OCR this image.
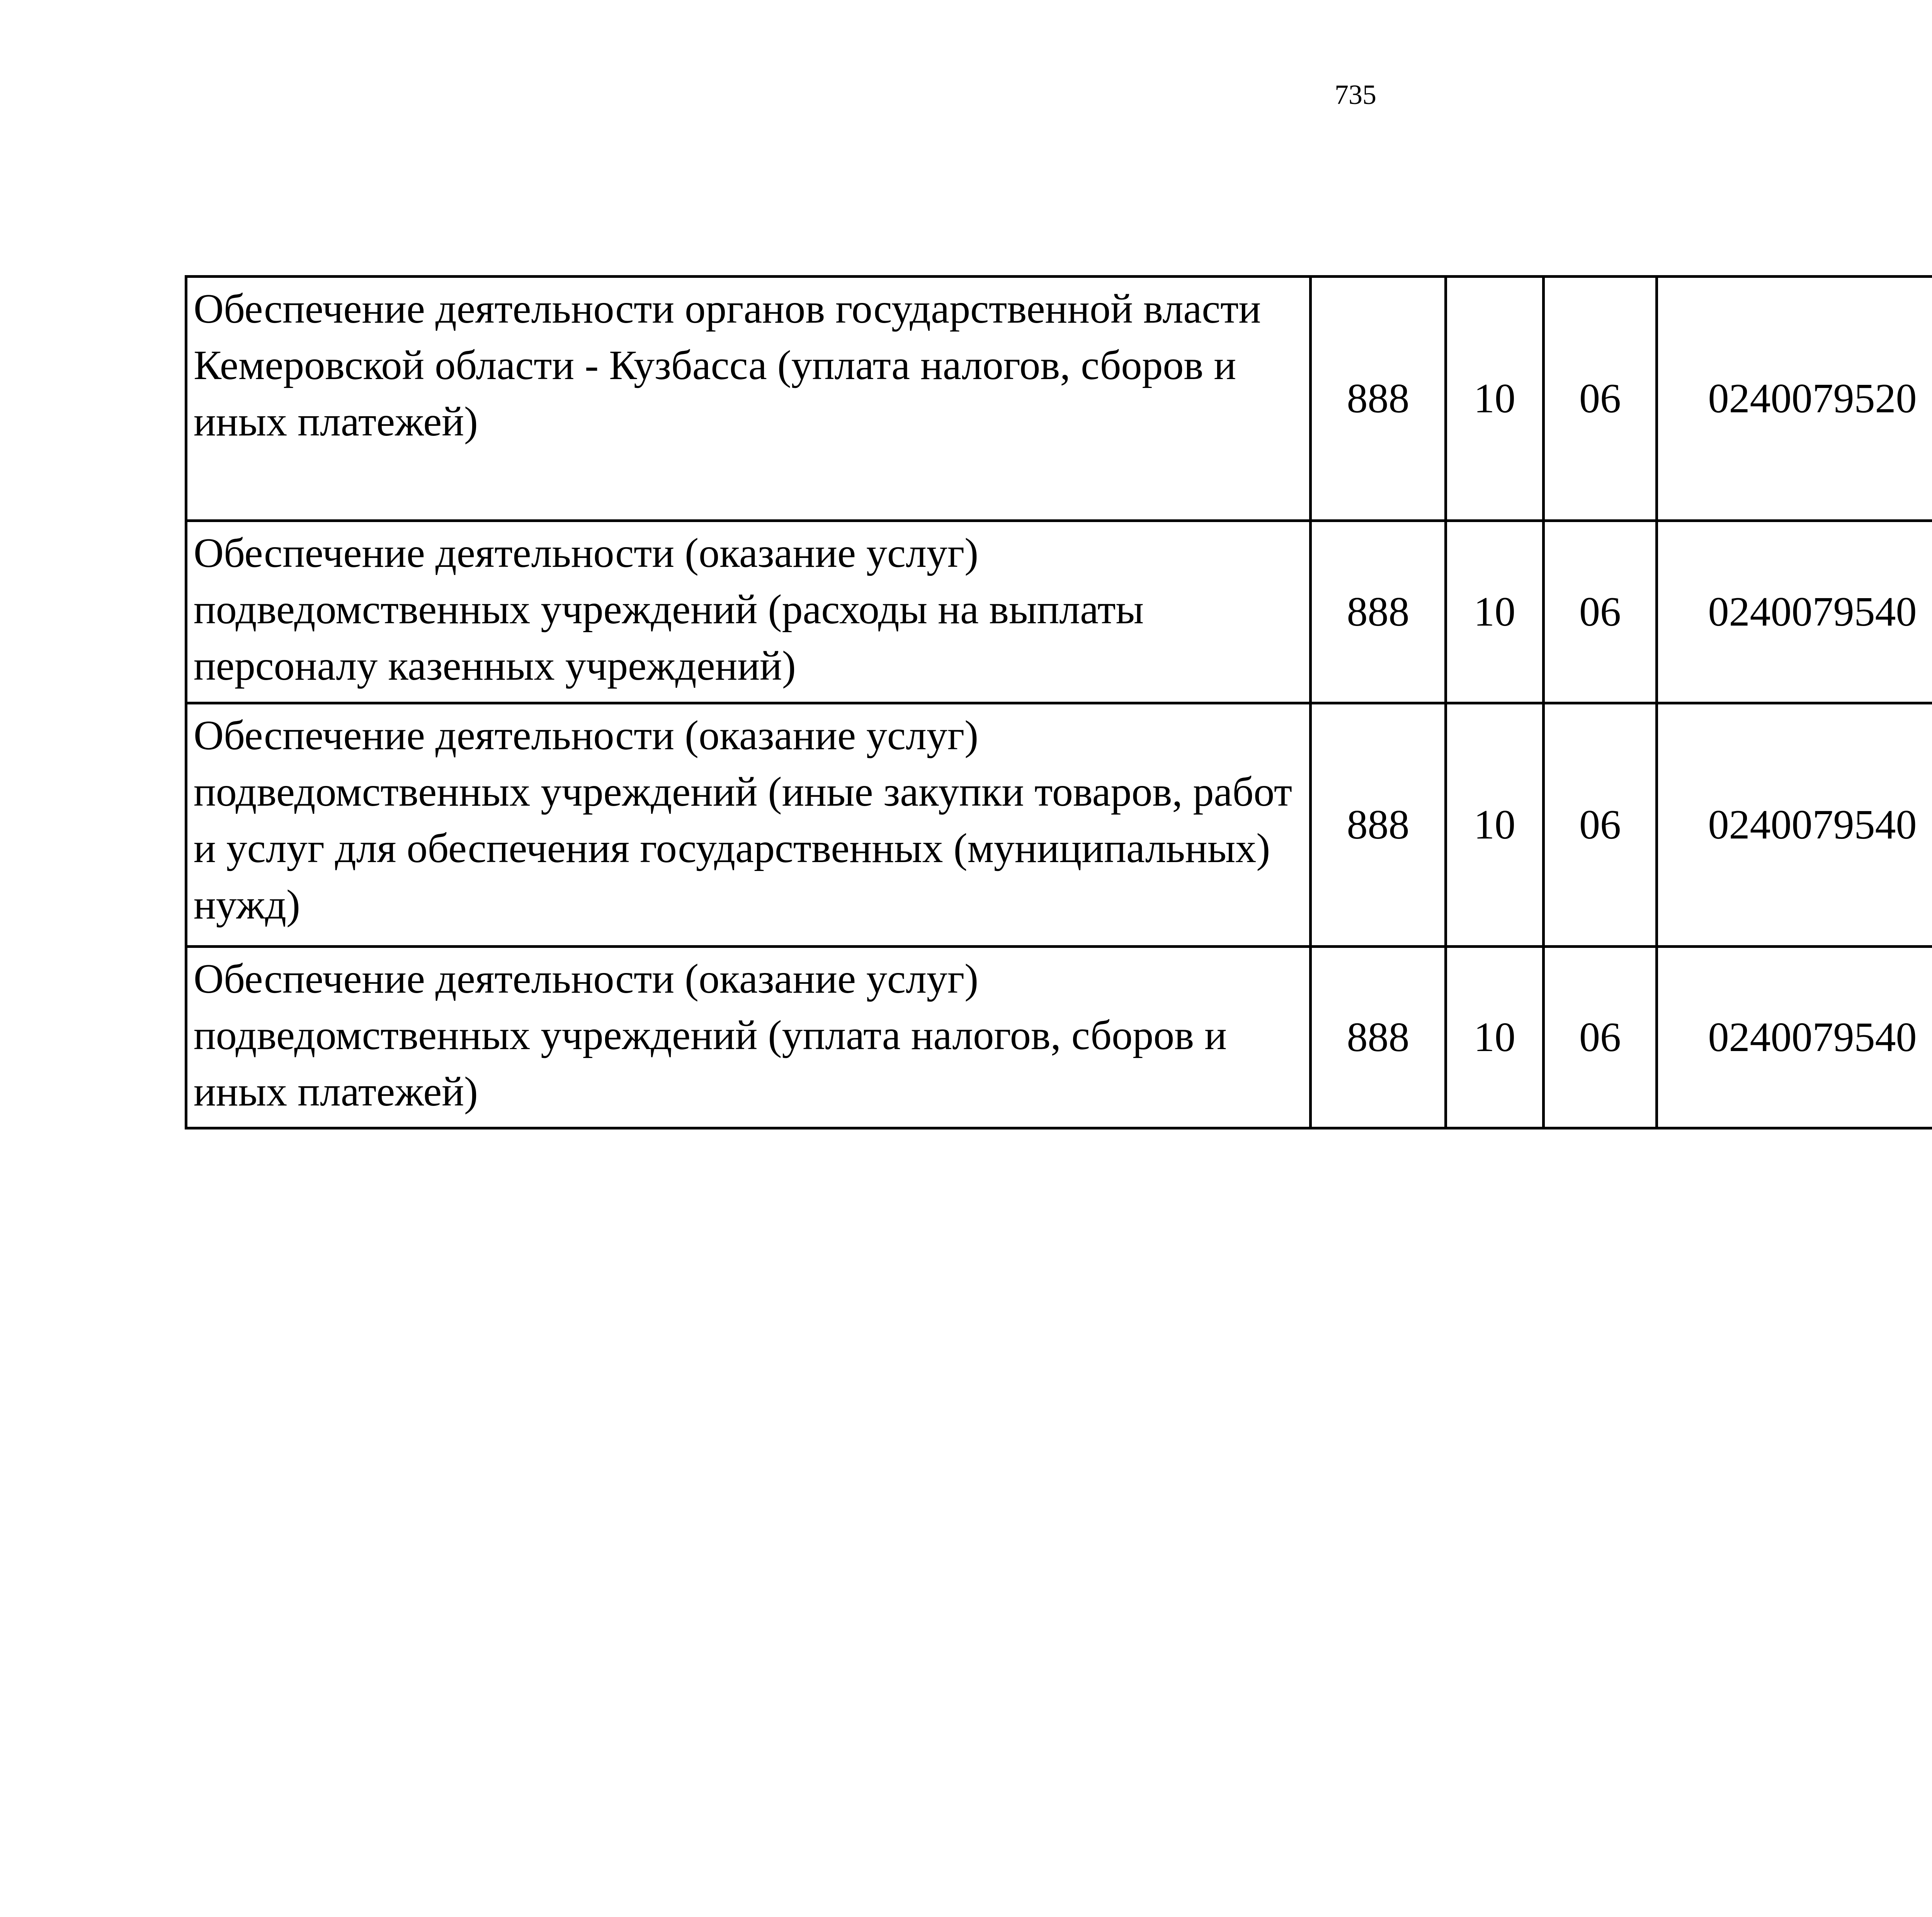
735
Обеспечение деятельности органов государственной власти Кемеровской области - Кузбасса (уплата налогов, сборов и иных платежей)	888	10	06	0240079520		
Обеспечение деятельности (оказание услуг) подведомственных учреждений (расходы на выплаты персоналу казенных учреждений)	888	10	06	0240079540		
Обеспечение деятельности (оказание услуг) подведомственных учреждений (иные закупки товаров, работ и услуг для обеспечения государственных (муниципальных) нужд)	888	10	06	0240079540		
Обеспечение деятельности (оказание услуг) подведомственных учреждений (уплата налогов, сборов и иных платежей)	888	10	06	0240079540		
